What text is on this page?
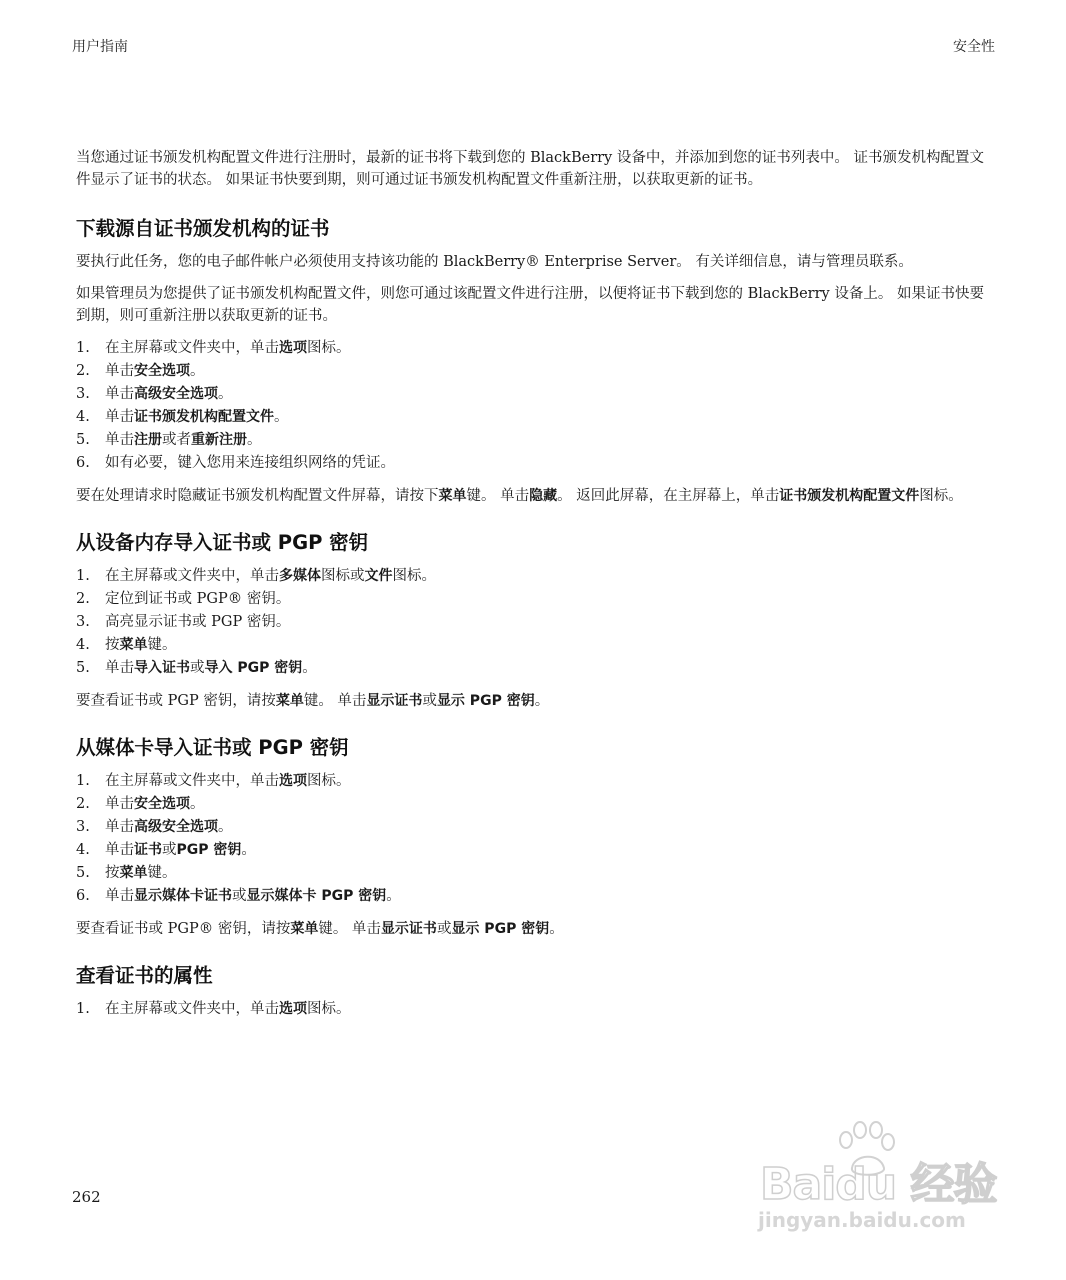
用户指南	安全性

当您通过证书颁发机构配置文件进行注册时，最新的证书将下载到您的 BlackBerry 设备中，并添加到您的证书列表中。 证书颁发机构配置文件显示了证书的状态。 如果证书快要到期，则可通过证书颁发机构配置文件重新注册，以获取更新的证书。

下载源自证书颁发机构的证书

要执行此任务，您的电子邮件帐户必须使用支持该功能的 BlackBerry® Enterprise Server。 有关详细信息，请与管理员联系。

如果管理员为您提供了证书颁发机构配置文件，则您可通过该配置文件进行注册，以便将证书下载到您的 BlackBerry 设备上。 如果证书快要到期，则可重新注册以获取更新的证书。

1.	在主屏幕或文件夹中，单击选项图标。
2.	单击安全选项。
3.	单击高级安全选项。
4.	单击证书颁发机构配置文件。
5.	单击注册或者重新注册。
6.	如有必要，键入您用来连接组织网络的凭证。

要在处理请求时隐藏证书颁发机构配置文件屏幕，请按下菜单键。 单击隐藏。 返回此屏幕，在主屏幕上，单击证书颁发机构配置文件图标。

从设备内存导入证书或 PGP 密钥
1.	在主屏幕或文件夹中，单击多媒体图标或文件图标。
2.	定位到证书或 PGP® 密钥。
3.	高亮显示证书或 PGP 密钥。
4.	按菜单键。
5.	单击导入证书或导入 PGP 密钥。

要查看证书或 PGP 密钥，请按菜单键。 单击显示证书或显示 PGP 密钥。

从媒体卡导入证书或 PGP 密钥
1.	在主屏幕或文件夹中，单击选项图标。
2.	单击安全选项。
3.	单击高级安全选项。
4.	单击证书或PGP 密钥。
5.	按菜单键。
6.	单击显示媒体卡证书或显示媒体卡 PGP 密钥。

要查看证书或 PGP® 密钥，请按菜单键。 单击显示证书或显示 PGP 密钥。

查看证书的属性
1.	在主屏幕或文件夹中，单击选项图标。
262	Baidu 经验
jingyan.baidu.com
